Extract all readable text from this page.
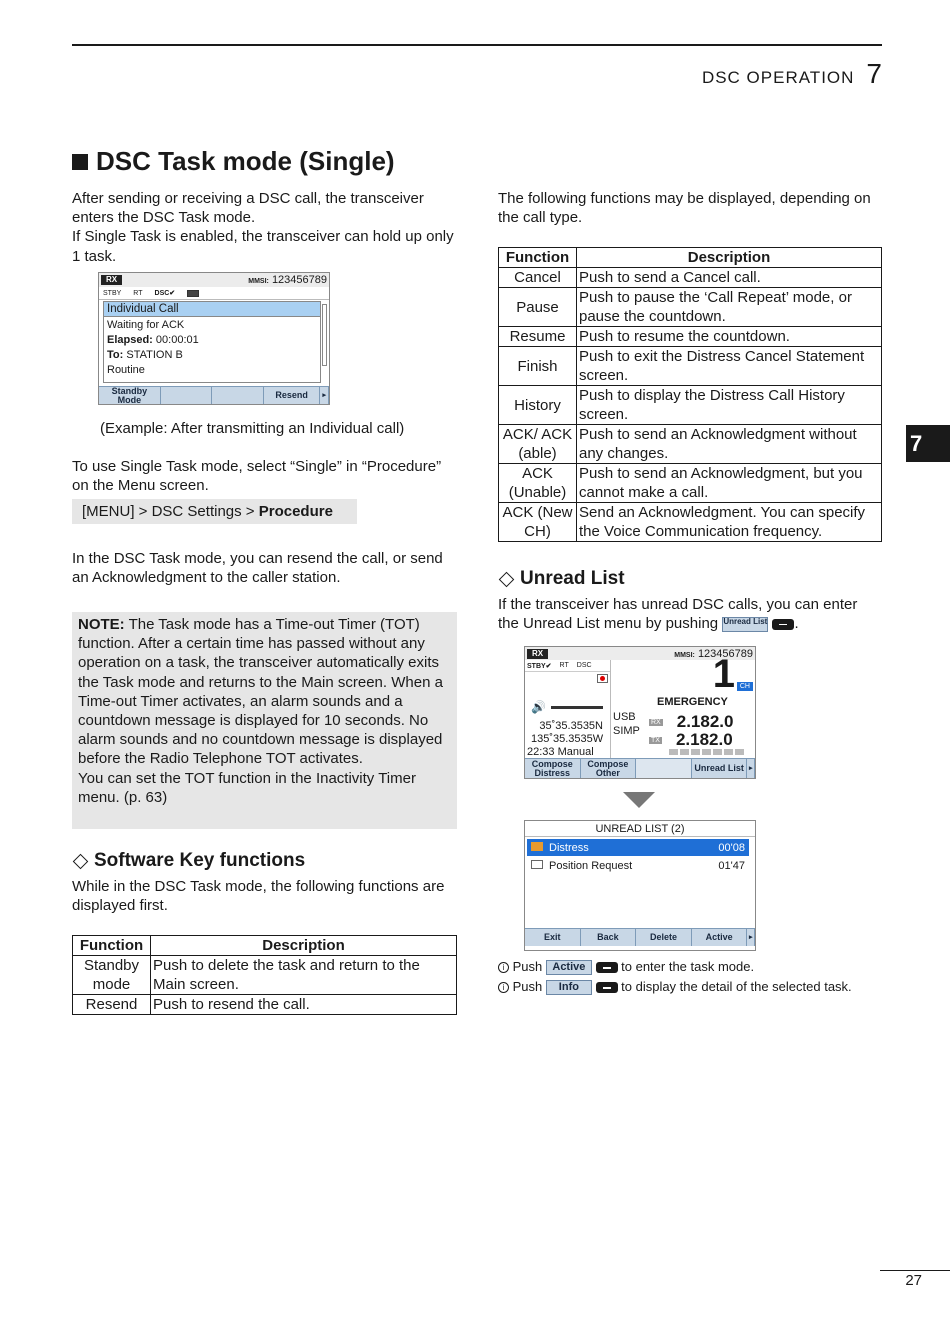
DSC OPERATION 7
DSC Task mode (Single)
After sending or receiving a DSC call, the transceiver enters the DSC Task mode.
If Single Task is enabled, the transceiver can hold up only 1 task.
RX	MMSI: 123456789
STBY RT DSC✔
Individual Call
Waiting for ACK
Elapsed: 00:00:01
To: STATION B
Routine
Standby Mode	Resend	▸
(Example: After transmitting an Individual call)
To use Single Task mode, select “Single” in “Procedure” on the Menu screen.
[MENU] > DSC Settings > Procedure
In the DSC Task mode, you can resend the call, or send an Acknowledgment to the caller station.
NOTE: The Task mode has a Time-out Timer (TOT) function. After a certain time has passed without any operation on a task, the transceiver automatically exits the Task mode and returns to the Main screen. When a Time-out Timer activates, an alarm sounds and a countdown message is displayed for 10 seconds. No alarm sounds and no countdown message is displayed before the Radio Telephone TOT activates.
You can set the TOT function in the Inactivity Timer menu. (p. 63)
Software Key functions
While in the DSC Task mode, the following functions are displayed first.
Function	Description
Standby mode	Push to delete the task and return to the Main screen.
Resend	Push to resend the call.
The following functions may be displayed, depending on the call type.
Function	Description
Cancel	Push to send a Cancel call.
Pause	Push to pause the ‘Call Repeat’ mode, or pause the countdown.
Resume	Push to resume the countdown.
Finish	Push to exit the Distress Cancel Statement screen.
History	Push to display the Distress Call History screen.
ACK/ ACK (able)	Push to send an Acknowledgment without any changes.
ACK (Unable)	Push to send an Acknowledgment, but you cannot make a call.
ACK (New CH)	Send an Acknowledgment. You can specify the Voice Communication frequency.
Unread List
If the transceiver has unread DSC calls, you can enter the Unread List menu by pushing Unread List .
RX	MMSI: 123456789
STBY✔ RT DSC
🔊
35˚35.3535N
135˚35.3535W
22:33 Manual
1 CH
EMERGENCY
USB
SIMP
RX 2.182.0
TX 2.182.0
Compose Distress
Compose Other	Unread List ▸
UNREAD LIST (2)
Distress	00'08
Position Request	01'47
Exit	Back	Delete	Active	▸
i Push Active	to enter the task mode.
i Push Info	to display the detail of the selected task.
7
27
